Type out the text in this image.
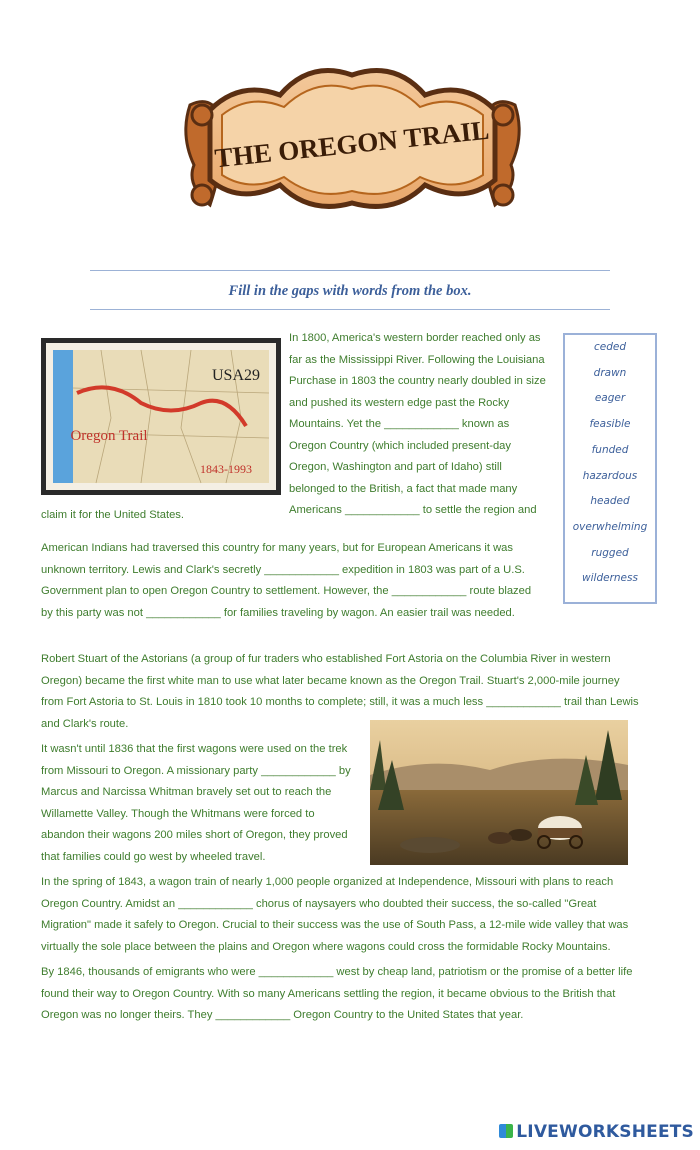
THE OREGON TRAIL
Fill in the gaps with words from the box.
USA29
Oregon Trail
1843-1993
In 1800, America's western border reached only as
far as the Mississippi River. Following the Louisiana
Purchase in 1803 the country nearly doubled in size
and pushed its western edge past the Rocky
Mountains. Yet the ____________ known as
Oregon Country (which included present-day
Oregon, Washington and part of Idaho) still
belonged to the British, a fact that made many
Americans ____________ to settle the region and
claim it for the United States.
ceded
drawn
eager
feasible
funded
hazardous
headed
overwhelming
rugged
wilderness
American Indians had traversed this country for many years, but for European Americans it was
unknown territory. Lewis and Clark's secretly ____________ expedition in 1803 was part of a U.S.
Government plan to open Oregon Country to settlement. However, the ____________ route blazed
by this party was not ____________ for families traveling by wagon. An easier trail was needed.
Robert Stuart of the Astorians (a group of fur traders who established Fort Astoria on the Columbia River in western
Oregon) became the first white man to use what later became known as the Oregon Trail. Stuart's 2,000-mile journey
from Fort Astoria to St. Louis in 1810 took 10 months to complete; still, it was a much less ____________ trail than Lewis
and Clark's route.
It wasn't until 1836 that the first wagons were used on the trek
from Missouri to Oregon. A missionary party ____________ by
Marcus and Narcissa Whitman bravely set out to reach the
Willamette Valley. Though the Whitmans were forced to
abandon their wagons 200 miles short of Oregon, they proved
that families could go west by wheeled travel.
In the spring of 1843, a wagon train of nearly 1,000 people organized at Independence, Missouri with plans to reach
Oregon Country. Amidst an ____________ chorus of naysayers who doubted their success, the so-called "Great
Migration" made it safely to Oregon. Crucial to their success was the use of South Pass, a 12-mile wide valley that was
virtually the sole place between the plains and Oregon where wagons could cross the formidable Rocky Mountains.
By 1846, thousands of emigrants who were ____________ west by cheap land, patriotism or the promise of a better life
found their way to Oregon Country. With so many Americans settling the region, it became obvious to the British that
Oregon was no longer theirs. They ____________ Oregon Country to the United States that year.
LIVEWORKSHEETS
